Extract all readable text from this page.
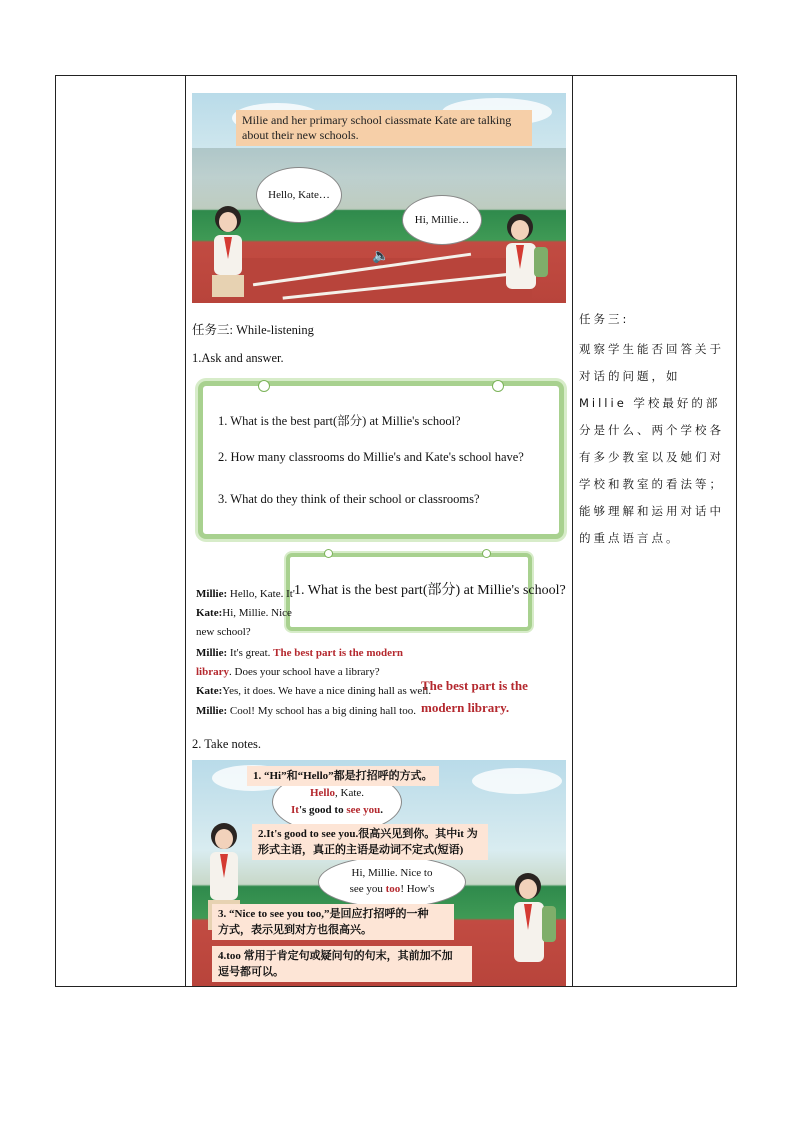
Milie and her primary school ciassmate Kate are talking about their new schools.
Hello, Kate…
Hi, Millie…
🔈
任务三: While-listening
1.Ask and answer.
1. What is the best part(部分) at Millie's school?
2. How many classrooms do Millie's and Kate's school have?
3. What do they think of their school or classrooms?
1. What is the best part(部分) at Millie's school?
Millie: Hello, Kate. It'
Kate:Hi, Millie. Nice
new school?
Millie: It's great. The best part is the modern
library. Does your school have a library?
Kate:Yes, it does. We have a nice dining hall as well.
Millie: Cool! My school has a big dining hall too.
The best part is the modern library.
2. Take notes.
Hello, Kate.
It's good to see you.
Hi, Millie. Nice to
see you too! How's
1. “Hi”和“Hello”都是打招呼的方式。
2.It's good to see you.很高兴见到你。其中it 为
形式主语，真正的主语是动词不定式(短语)
3. “Nice to see you too,”是回应打招呼的一种
方式，表示见到对方也很高兴。
4.too 常用于肯定句或疑问句的句末，其前加不加
逗号都可以。
任务三:
观察学生能否回答关于对话的问题，如 Millie 学校最好的部分是什么、两个学校各有多少教室以及她们对学校和教室的看法等；能够理解和运用对话中的重点语言点。
